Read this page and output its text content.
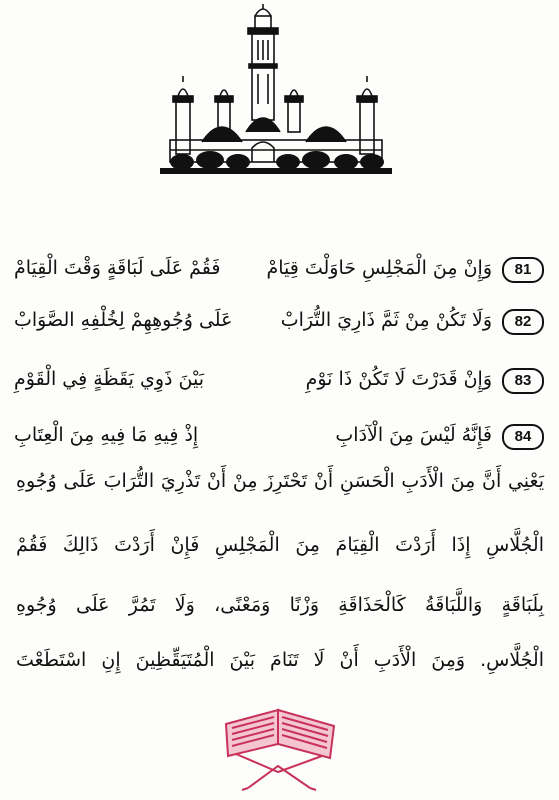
81
وَإِنْ مِنَ الْمَجْلِسِ حَاوَلْتَ قِيَامْ
فَقُمْ عَلَى لَبَاقَةٍ وَقْتَ الْقِيَامْ
82
وَلَا تَكُنْ مِنْ ثَمَّ ذَارِيَ التُّرَابْ
عَلَى وُجُوهِهِمْ لِخُلْفِهِ الصَّوَابْ
83
وَإِنْ قَدَرْتَ لَا تَكُنْ ذَا نَوْمِ
بَيْنَ ذَوِي يَقَظَةٍ فِي الْقَوْمِ
84
فَإِنَّهُ لَيْسَ مِنَ الْآدَابِ
إِذْ فِيهِ مَا فِيهِ مِنَ الْعِتَابِ
يَعْنِي أَنَّ مِنَ الْأَدَبِ الْحَسَنِ أَنْ تَحْتَرِزَ مِنْ أَنْ تَذْرِيَ التُّرَابَ عَلَى وُجُوهِ
الْجُلَّاسِ إِذَا أَرَدْتَ الْقِيَامَ مِنَ الْمَجْلِسِ فَإِنْ أَرَدْتَ ذَالِكَ فَقُمْ
بِلَبَاقَةٍ وَاللَّبَاقَةُ كَالْحَذَاقَةِ وَزْنًا وَمَعْنًى، وَلَا تَمُرَّ عَلَى وُجُوهِ
الْجُلَّاسِ. وَمِنَ الْأَدَبِ أَنْ لَا تَنَامَ بَيْنَ الْمُتَيَقِّظِينَ إِنِ اسْتَطَعْتَ
